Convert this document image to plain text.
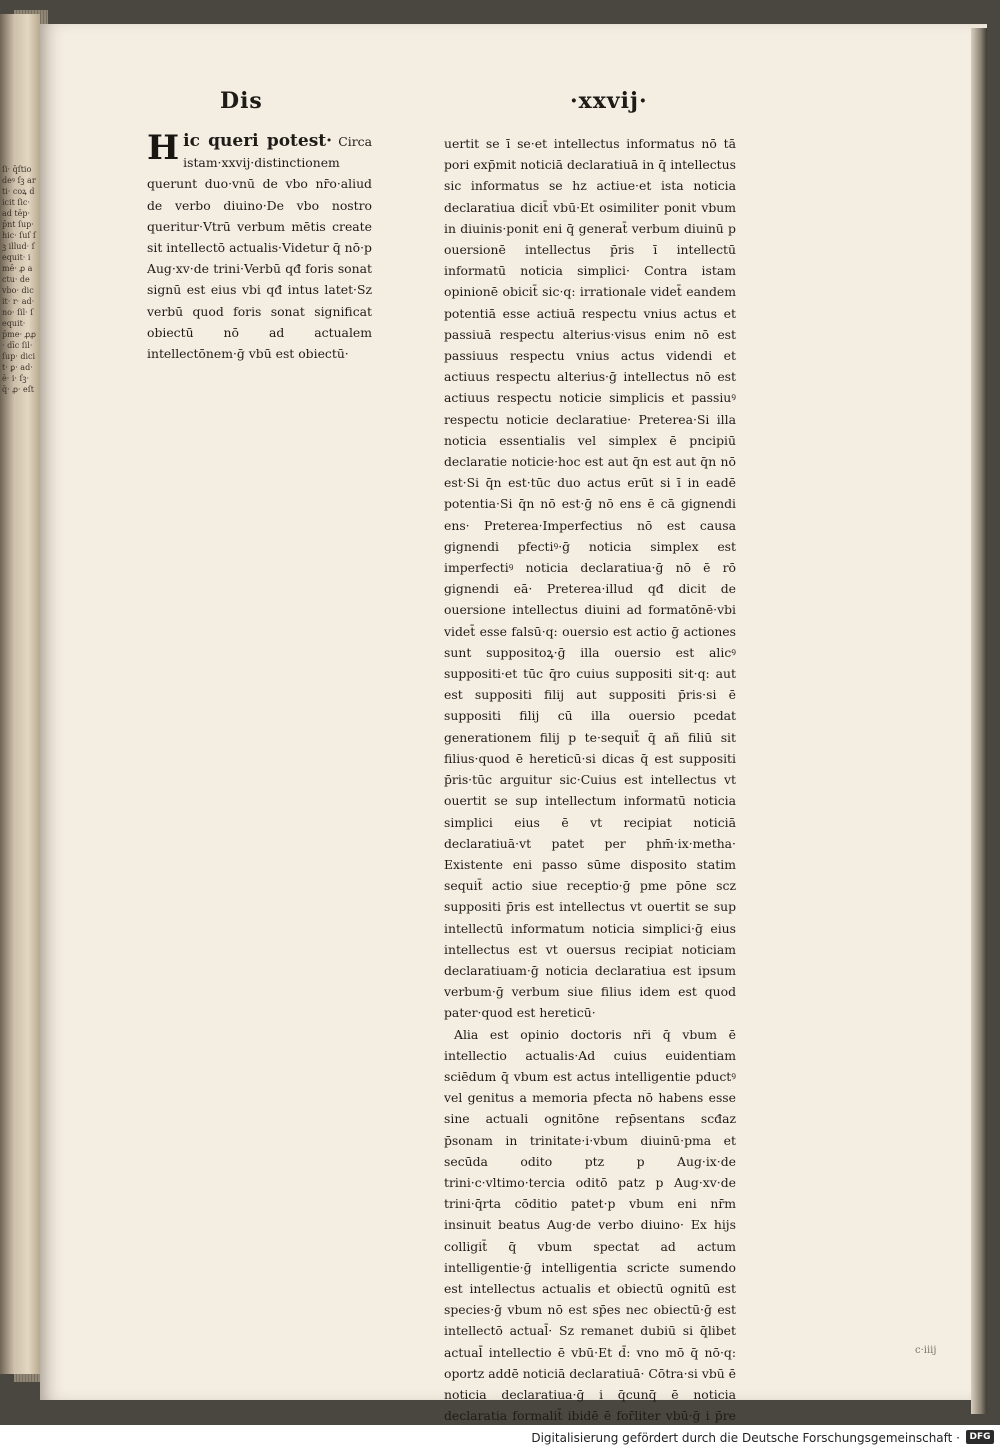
ſi· q̄ſtio deꝰ ſꝫ arti· coꝝ dicit ſic· ad tēp· p̄nt ſup· hic· ſuſ ſꝫ illud· ſequit· i mē· ꝓ actu· de vbo· dicit· r· ad· no· ſil· ſequit· p̄me· ꝓꝓ· dīc ſil· ſup· dicit· ꝑ· ad· ē· i· ſꝫ· q̄· ꝓ· eſt
Dis	·xxvij·

Hic queri potest· Circa istam·xxvij·distinctionem querunt duo·vnū de vbo nr̄o·aliud de verbo diuino·De vbo nostro queritur·Vtrū verbum mētis create sit intellectō actualis·Videtur q̄ nō·p Aug·xv·de trini·Verbū qđ foris sonat signū est eius vbi qđ intus latet·Sz verbū quod foris sonat significat obiectū nō ad actualem intellectōnem·ḡ vbū est obiectū·

uertit se ī se·et intellectus informatus nō tā pori exp̄mit noticiā declaratiuā in q̄ intellectus sic informatus se hz actiue·et ista noticia declaratiua dicit̄ vbū·Et osimiliter ponit vbum in diuinis·ponit eni q̄ generat̄ verbum diuinū p ouersionē intellectus p̄ris ī intellectū informatū noticia simplici· Contra istam opinionē obicit̄ sic·q: irrationale videt̄ eandem potentiā esse actiuā respectu vnius actus et passiuā respectu alterius·visus enim nō est passiuus respectu vnius actus videndi et actiuus respectu alterius·ḡ intellectus nō est actiuus respectu noticie simplicis et passiuꝰ respectu noticie declaratiue· Preterea·Si illa noticia essentialis vel simplex ē pncipiū declaratie noticie·hoc est aut q̄n est aut q̄n nō est·Si q̄n est·tūc duo actus erūt si ī in eadē potentia·Si q̄n nō est·ḡ nō ens ē cā gignendi ens· Preterea·Imperfectius nō est causa gignendi pfectiꝰ·ḡ noticia simplex est imperfectiꝰ noticia declaratiua·ḡ nō ē rō gignendi eā· Preterea·illud qđ dicit de ouersione intellectus diuini ad formatōnē·vbi videt̄ esse falsū·q: ouersio est actio ḡ actiones sunt suppositoꝝ·ḡ illa ouersio est alicꝰ suppositi·et tūc q̄ro cuius suppositi sit·q: aut est suppositi filij aut suppositi p̄ris·si ē suppositi filij cū illa ouersio pcedat generationem filij p te·sequit̄ q̄ añ filiū sit filius·quod ē hereticū·si dicas q̄ est suppositi p̄ris·tūc arguitur sic·Cuius est intellectus vt ouertit se sup intellectum informatū noticia simplici eius ē vt recipiat noticiā declaratiuā·vt patet per phm̄·ix·metha· Existente eni passo sūme disposito statim sequit̄ actio siue receptio·ḡ pme pōne scz suppositi p̄ris est intellectus vt ouertit se sup intellectū informatum noticia simplici·ḡ eius intellectus est vt ouersus recipiat noticiam declaratiuam·ḡ noticia declaratiua est ipsum verbum·ḡ verbum siue filius idem est quod pater·quod est hereticū·

Alia est opinio doctoris nr̄i q̄ vbum ē intellectio actualis·Ad cuius euidentiam sciēdum q̄ vbum est actus intelligentie pductꝰ vel genitus a memoria pfecta nō habens esse sine actuali ognitōne rep̄sentans scđaz p̄sonam in trinitate·i·vbum diuinū·pma et secūda odito ptz p Aug·ix·de trini·c·vltimo·tercia oditō patz p Aug·xv·de trini·q̄rta cōditio patet·p vbum eni nr̄m insinuit beatus Aug·de verbo diuino· Ex hijs colligit̄ q̄ vbum spectat ad actum intelligentie·ḡ intelligentia scricte sumendo est intellectus actualis et obiectū ognitū est species·ḡ vbum nō est sp̄es nec obiectū·ḡ est intellectō actual̄· Sz remanet dubiū si q̄libet actual̄ intellectio ē vbū·Et d̄: vno mō q̄ nō·q: oportz addē noticiā declaratiuā· Cōtra·si vbū ē noticia declaratiua·ḡ i q̄cunq̄ ē noticia declaratia formalit̄ ibidē ē for̄liter vbū·ḡ i p̄re

c·iiij
Digitalisierung gefördert durch die Deutsche Forschungsgemeinschaft ·	DFG
